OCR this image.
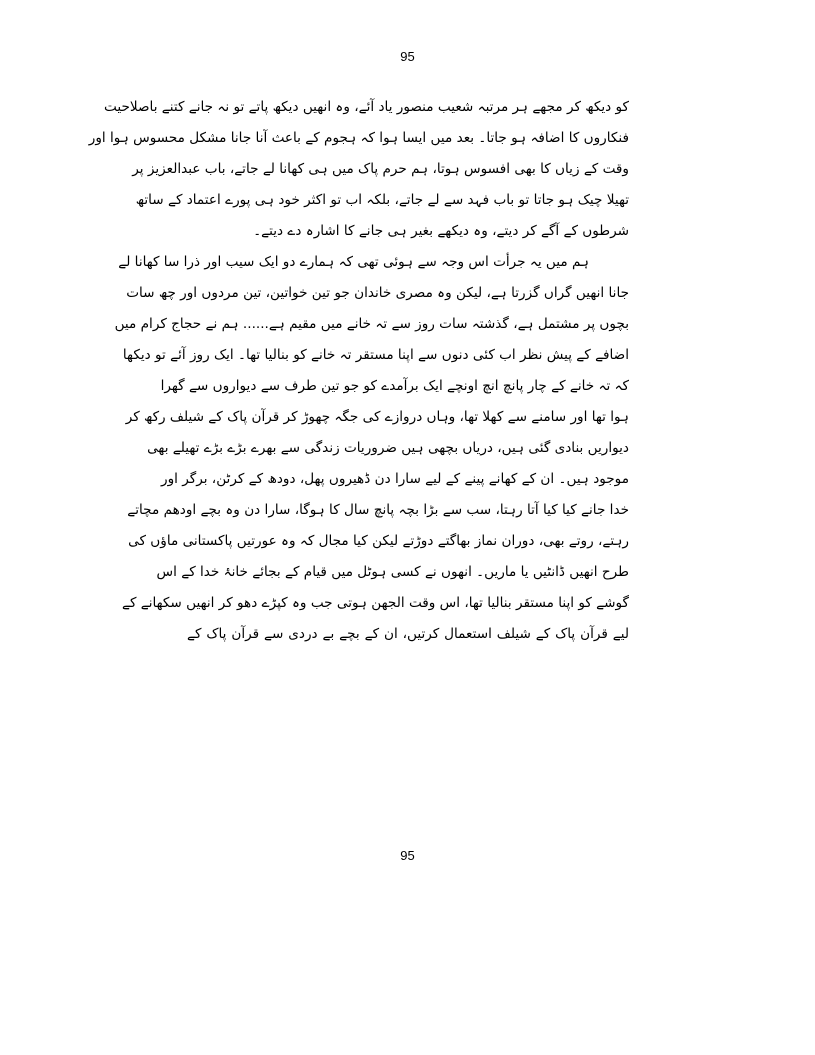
95
کو دیکھ کر مجھے ہر مرتبہ شعیب منصور یاد آئے، وہ انھیں دیکھ پاتے تو نہ جانے کتنے باصلاحیت
فنکاروں کا اضافہ ہو جاتا۔ بعد میں ایسا ہوا کہ ہجوم کے باعث آنا جانا مشکل محسوس ہوا اور
وقت کے زیاں کا بھی افسوس ہوتا، ہم حرم پاک میں ہی کھانا لے جاتے، باب عبدالعزیز پر
تھیلا چیک ہو جاتا تو باب فہد سے لے جاتے، بلکہ اب تو اکثر خود ہی پورے اعتماد کے ساتھ
شرطوں کے آگے کر دیتے، وہ دیکھے بغیر ہی جانے کا اشارہ دے دیتے۔
ہم میں یہ جرأت اس وجہ سے ہوئی تھی کہ ہمارے دو ایک سیب اور ذرا سا کھانا لے
جانا انھیں گراں گزرتا ہے، لیکن وہ مصری خاندان جو تین خواتین، تین مردوں اور چھ سات
بچوں پر مشتمل ہے، گذشتہ سات روز سے تہ خانے میں مقیم ہے...... ہم نے حجاج کرام میں
اضافے کے پیش نظر اب کئی دنوں سے اپنا مستقر تہ خانے کو بنالیا تھا۔ ایک روز آئے تو دیکھا
کہ تہ خانے کے چار پانچ انچ اونچے ایک برآمدے کو جو تین طرف سے دیواروں سے گھرا
ہوا تھا اور سامنے سے کھلا تھا، وہاں دروازے کی جگہ چھوڑ کر قرآن پاک کے شیلف رکھ کر
دیواریں بنادی گئی ہیں، دریاں بچھی ہیں ضروریات زندگی سے بھرے بڑے بڑے تھیلے بھی
موجود ہیں۔ ان کے کھانے پینے کے لیے سارا دن ڈھیروں پھل، دودھ کے کرٹن، برگر اور
خدا جانے کیا کیا آتا رہتا، سب سے بڑا بچہ پانچ سال کا ہوگا، سارا دن وہ بچے اودھم مچاتے
رہتے، روتے بھی، دوران نماز بھاگتے دوڑتے لیکن کیا مجال کہ وہ عورتیں پاکستانی ماؤں کی
طرح انھیں ڈانٹیں یا ماریں۔ انھوں نے کسی ہوٹل میں قیام کے بجائے خانۂ خدا کے اس
گوشے کو اپنا مستقر بنالیا تھا، اس وقت الجھن ہوتی جب وہ کپڑے دھو کر انھیں سکھانے کے
لیے قرآن پاک کے شیلف استعمال کرتیں، ان کے بچے بے دردی سے قرآن پاک کے
95
